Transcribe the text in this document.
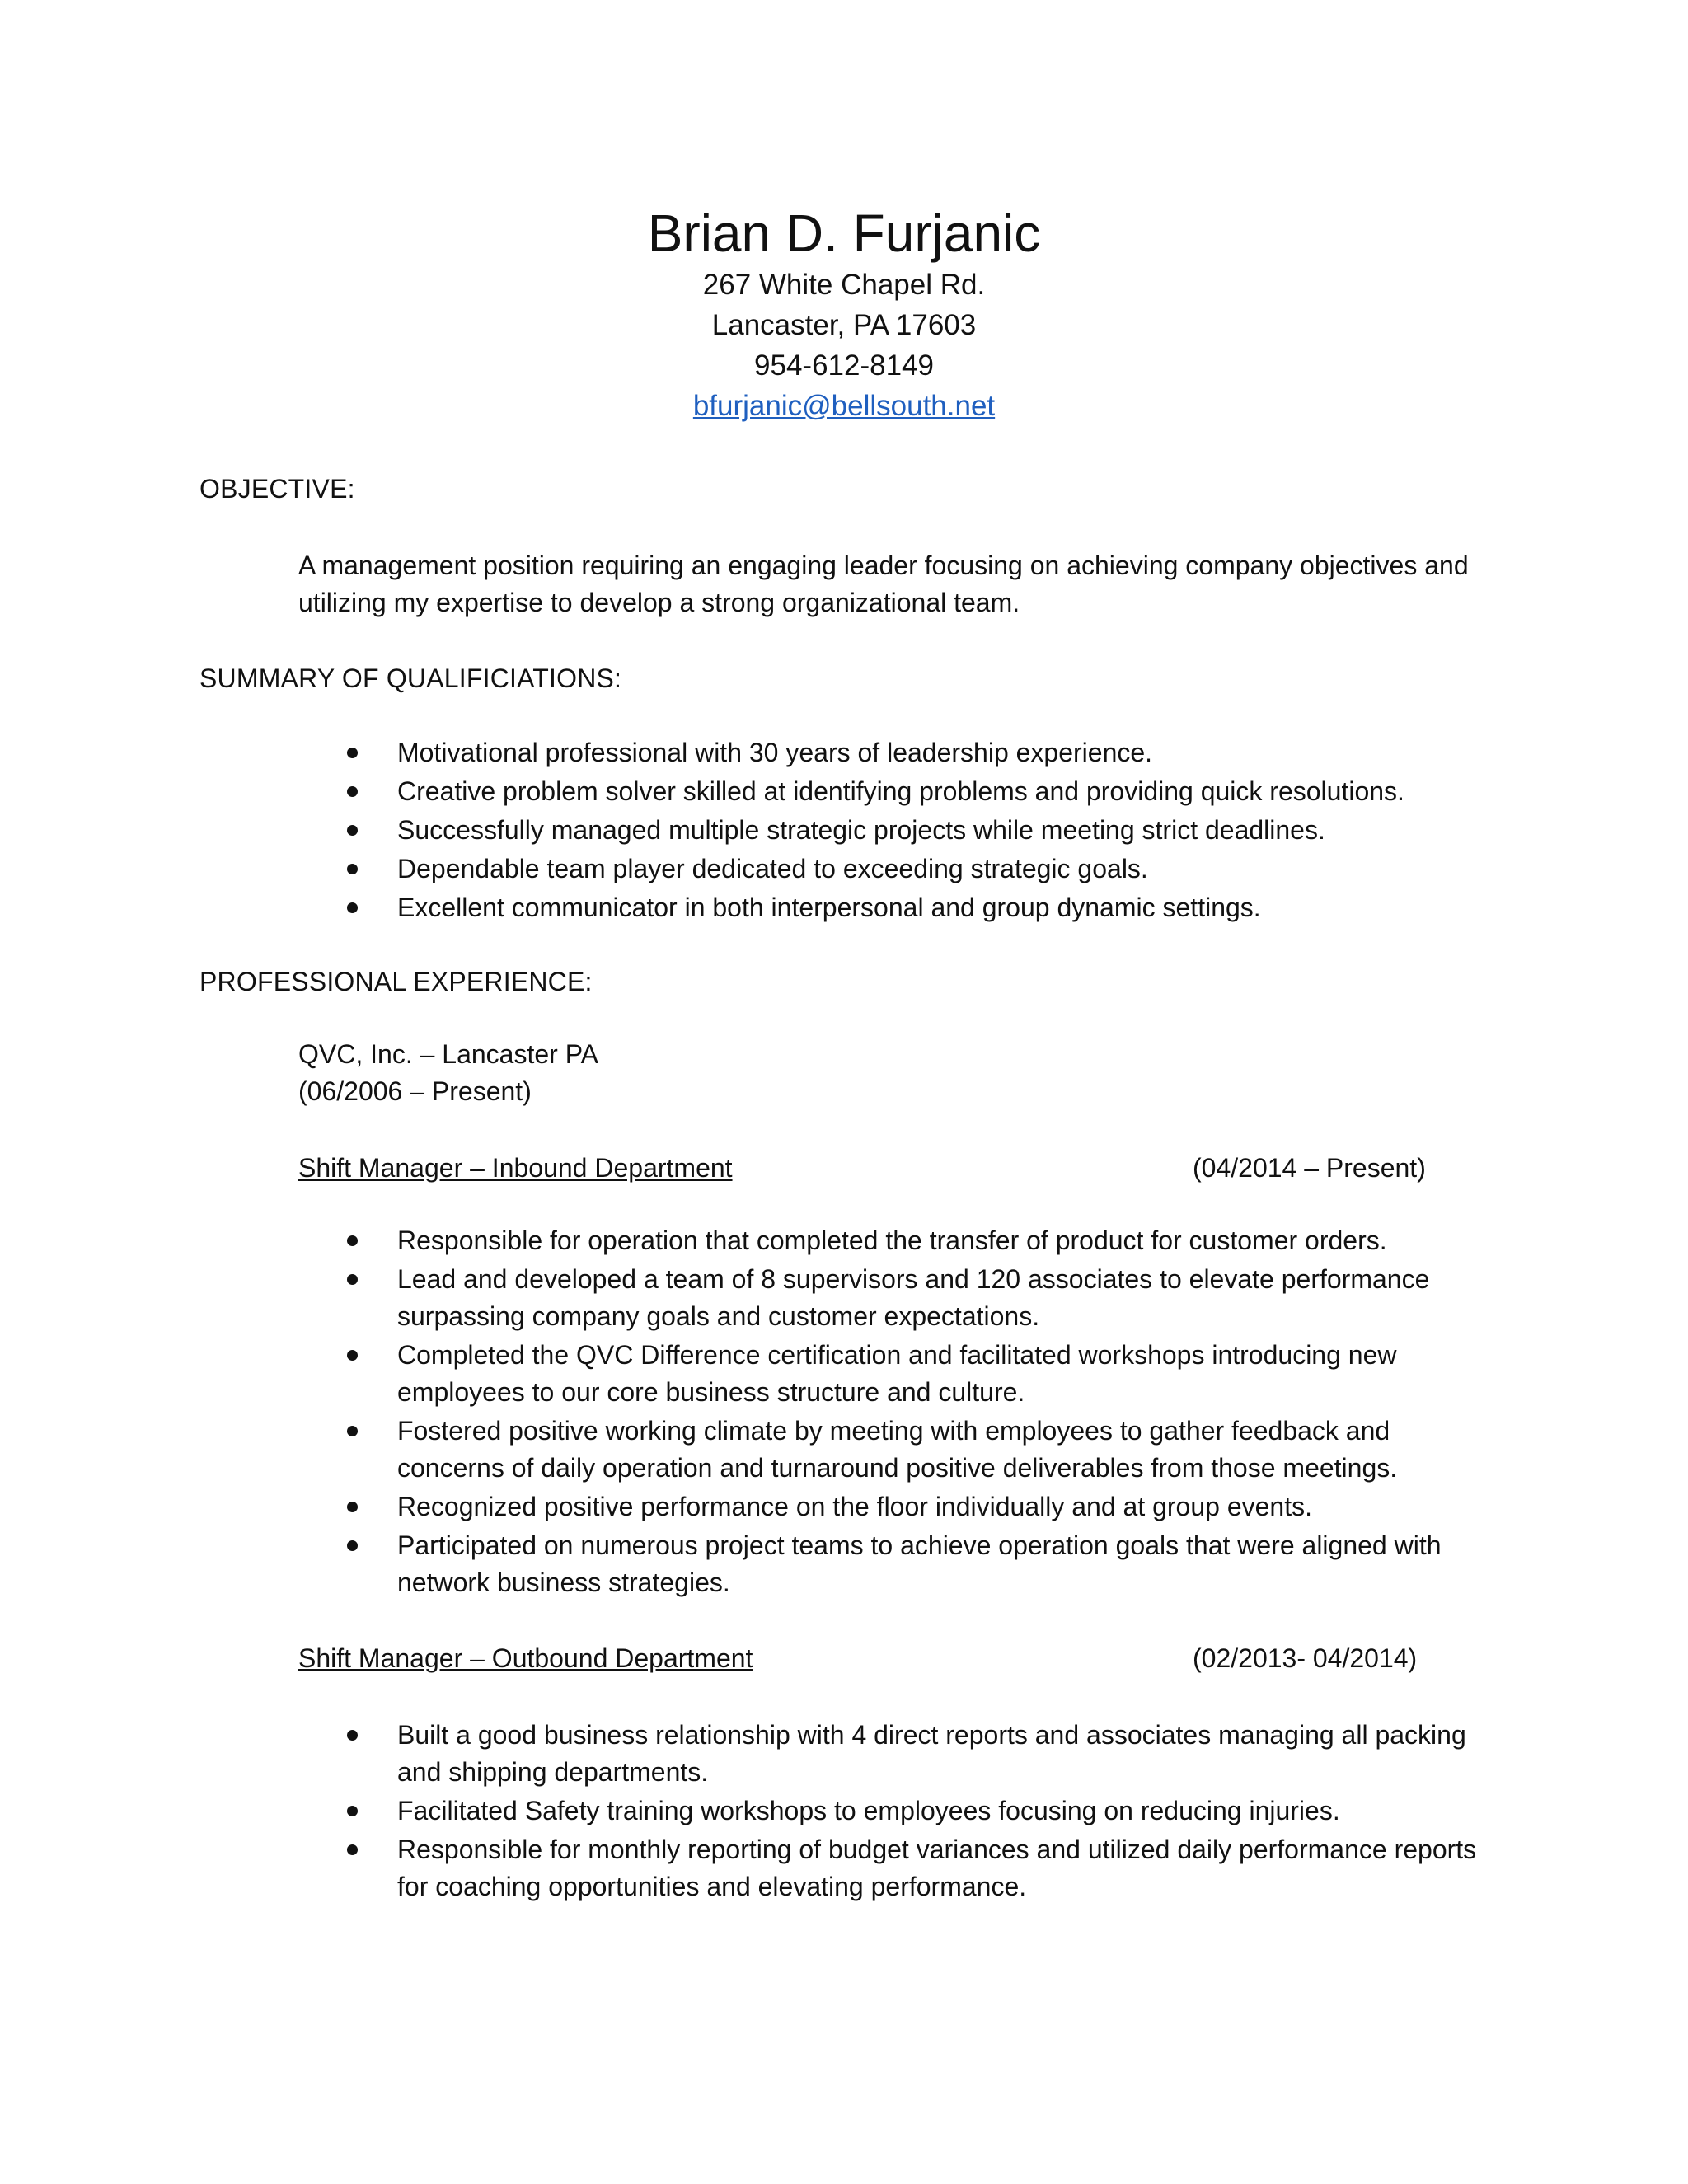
Brian D. Furjanic
267 White Chapel Rd.
Lancaster, PA 17603
954-612-8149
bfurjanic@bellsouth.net
OBJECTIVE:

A management position requiring an engaging leader focusing on achieving company objectives and utilizing my expertise to develop a strong organizational team.

SUMMARY OF QUALIFICIATIONS:
Motivational professional with 30 years of leadership experience.
Creative problem solver skilled at identifying problems and providing quick resolutions.
Successfully managed multiple strategic projects while meeting strict deadlines.
Dependable team player dedicated to exceeding strategic goals.
Excellent communicator in both interpersonal and group dynamic settings.
PROFESSIONAL EXPERIENCE:
QVC, Inc. – Lancaster PA
(06/2006 – Present)
Shift Manager – Inbound Department	(04/2014 – Present)
Responsible for operation that completed the transfer of product for customer orders.
Lead and developed a team of 8 supervisors and 120 associates to elevate performance surpassing company goals and customer expectations.
Completed the QVC Difference certification and facilitated workshops introducing new employees to our core business structure and culture.
Fostered positive working climate by meeting with employees to gather feedback and concerns of daily operation and turnaround positive deliverables from those meetings.
Recognized positive performance on the floor individually and at group events.
Participated on numerous project teams to achieve operation goals that were aligned with network business strategies.
Shift Manager – Outbound Department	(02/2013- 04/2014)
Built a good business relationship with 4 direct reports and associates managing all packing and shipping departments.
Facilitated Safety training workshops to employees focusing on reducing injuries.
Responsible for monthly reporting of budget variances and utilized daily performance reports for coaching opportunities and elevating performance.
